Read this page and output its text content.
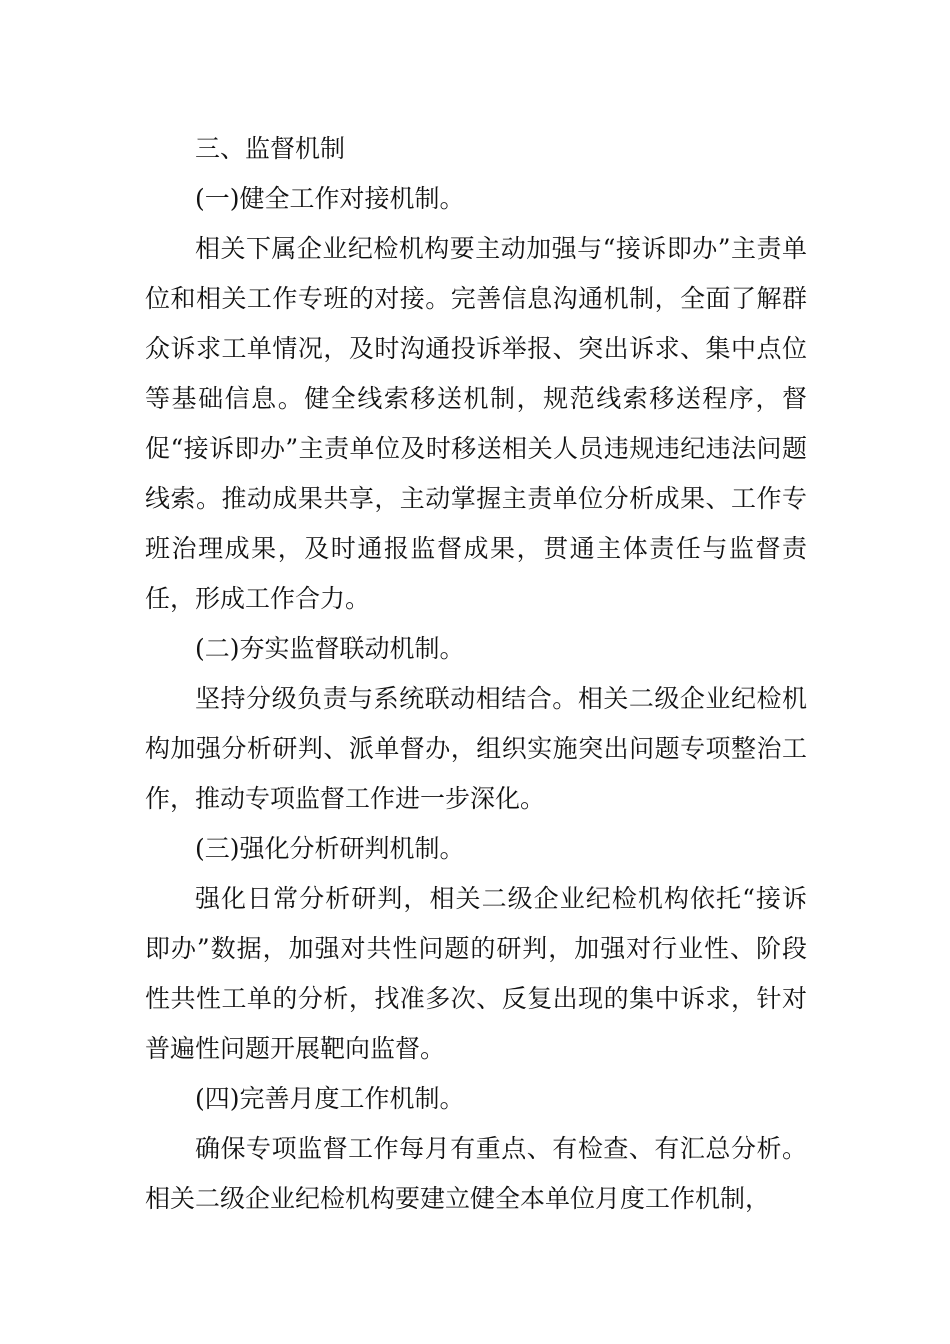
三、监督机制

(一)健全工作对接机制。

相关下属企业纪检机构要主动加强与“接诉即办”主责单位和相关工作专班的对接。完善信息沟通机制，全面了解群众诉求工单情况，及时沟通投诉举报、突出诉求、集中点位等基础信息。健全线索移送机制，规范线索移送程序，督促“接诉即办”主责单位及时移送相关人员违规违纪违法问题线索。推动成果共享，主动掌握主责单位分析成果、工作专班治理成果，及时通报监督成果，贯通主体责任与监督责任，形成工作合力。

(二)夯实监督联动机制。

坚持分级负责与系统联动相结合。相关二级企业纪检机构加强分析研判、派单督办，组织实施突出问题专项整治工作，推动专项监督工作进一步深化。

(三)强化分析研判机制。

强化日常分析研判，相关二级企业纪检机构依托“接诉即办”数据，加强对共性问题的研判，加强对行业性、阶段性共性工单的分析，找准多次、反复出现的集中诉求，针对普遍性问题开展靶向监督。

(四)完善月度工作机制。

确保专项监督工作每月有重点、有检查、有汇总分析。相关二级企业纪检机构要建立健全本单位月度工作机制，
